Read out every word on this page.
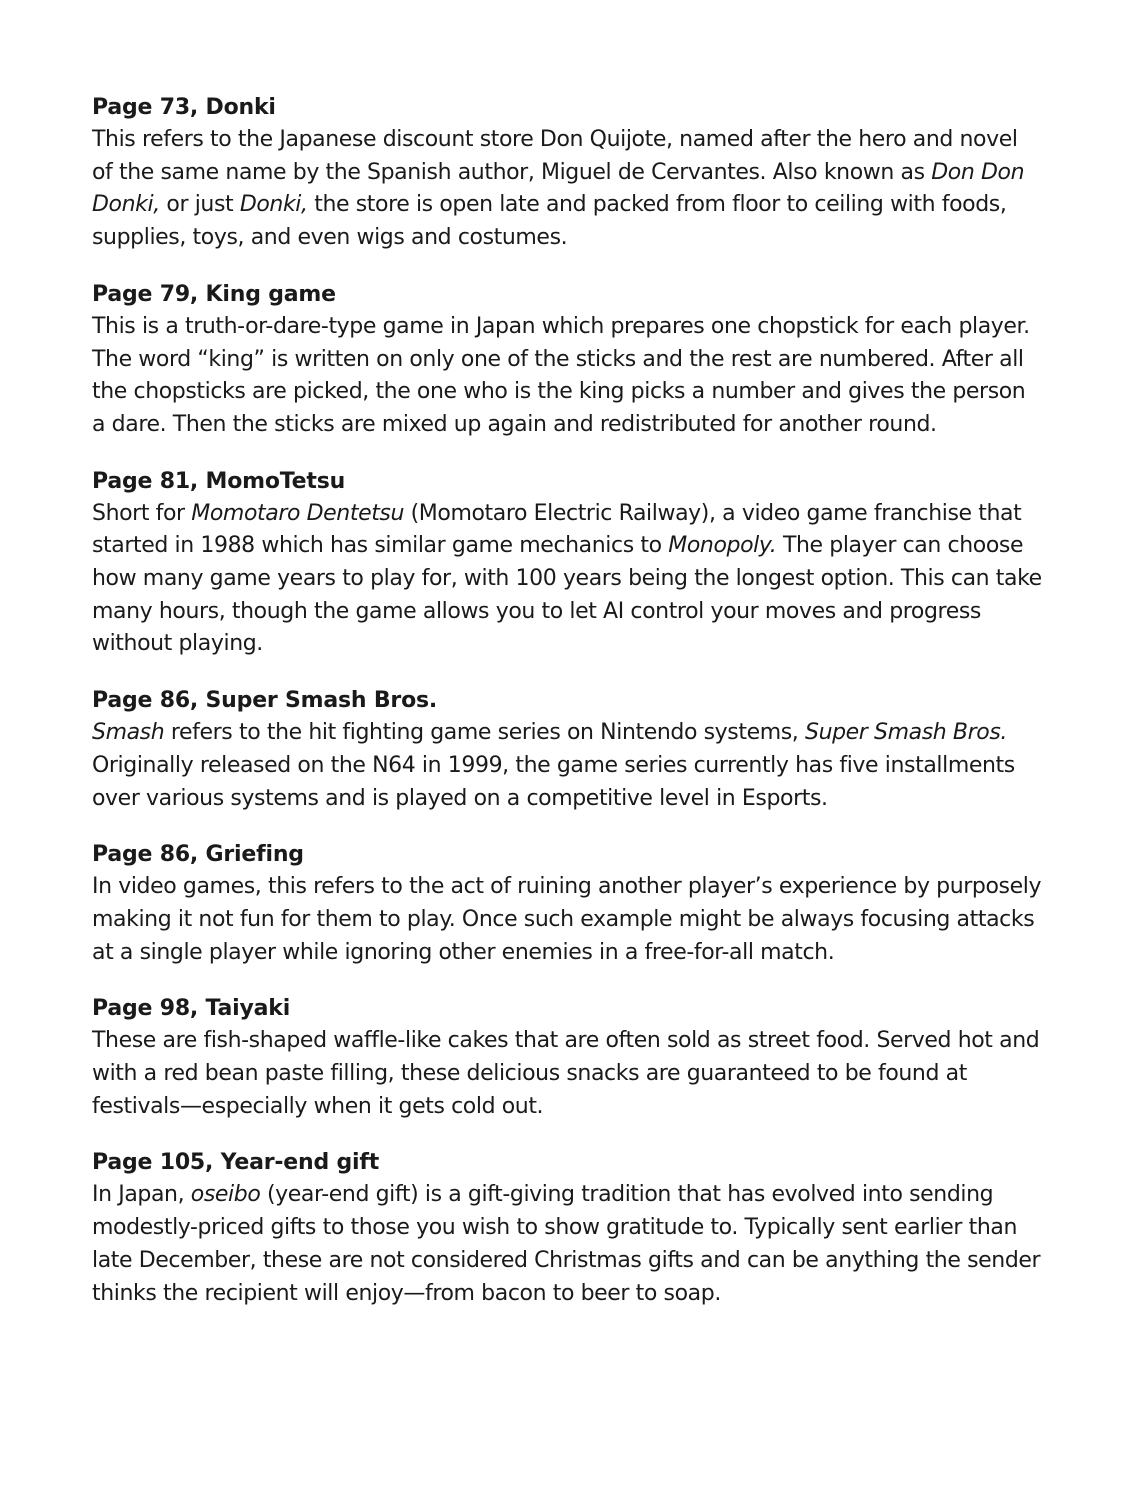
Page 73, Donki

This refers to the Japanese discount store Don Quijote, named after the hero and novel of the same name by the Spanish author, Miguel de Cervantes. Also known as Don Don Donki, or just Donki, the store is open late and packed from floor to ceiling with foods, supplies, toys, and even wigs and costumes.

Page 79, King game

This is a truth-or-dare-type game in Japan which prepares one chopstick for each player. The word “king” is written on only one of the sticks and the rest are numbered. After all the chopsticks are picked, the one who is the king picks a number and gives the person a dare. Then the sticks are mixed up again and redistributed for another round.

Page 81, MomoTetsu

Short for Momotaro Dentetsu (Momotaro Electric Railway), a video game franchise that started in 1988 which has similar game mechanics to Monopoly. The player can choose how many game years to play for, with 100 years being the longest option. This can take many hours, though the game allows you to let AI control your moves and progress without playing.

Page 86, Super Smash Bros.

Smash refers to the hit fighting game series on Nintendo systems, Super Smash Bros. Originally released on the N64 in 1999, the game series currently has five installments over various systems and is played on a competitive level in Esports.

Page 86, Griefing

In video games, this refers to the act of ruining another player’s experience by purposely making it not fun for them to play. Once such example might be always focusing attacks at a single player while ignoring other enemies in a free-for-all match.

Page 98, Taiyaki

These are fish-shaped waffle-like cakes that are often sold as street food. Served hot and with a red bean paste filling, these delicious snacks are guaranteed to be found at festivals—especially when it gets cold out.

Page 105, Year-end gift

In Japan, oseibo (year-end gift) is a gift-giving tradition that has evolved into sending modestly-priced gifts to those you wish to show gratitude to. Typically sent earlier than late December, these are not considered Christmas gifts and can be anything the sender thinks the recipient will enjoy—from bacon to beer to soap.
